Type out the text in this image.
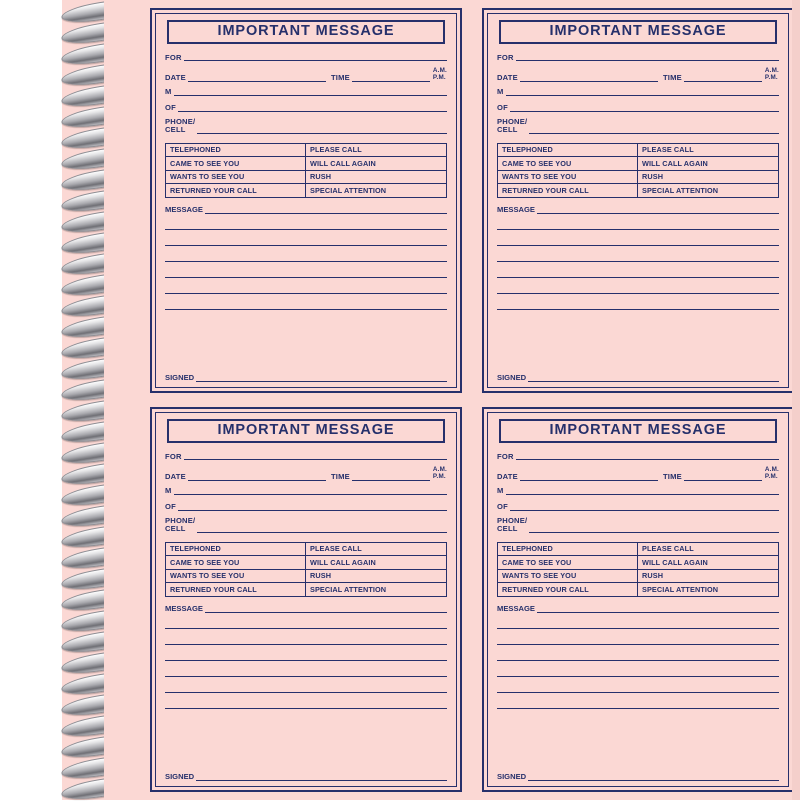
IMPORTANT MESSAGE
FOR
DATE	TIME
A.M.
P.M.
M
OF
PHONE/
CELL
TELEPHONED	PLEASE CALL
CAME TO SEE YOU	WILL CALL AGAIN
WANTS TO SEE YOU	RUSH
RETURNED YOUR CALL	SPECIAL ATTENTION
MESSAGE
SIGNED
IMPORTANT MESSAGE
FOR
DATE	TIME
A.M.
P.M.
M
OF
PHONE/
CELL
TELEPHONED	PLEASE CALL
CAME TO SEE YOU	WILL CALL AGAIN
WANTS TO SEE YOU	RUSH
RETURNED YOUR CALL	SPECIAL ATTENTION
MESSAGE
SIGNED
IMPORTANT MESSAGE
FOR
DATE	TIME
A.M.
P.M.
M
OF
PHONE/
CELL
TELEPHONED	PLEASE CALL
CAME TO SEE YOU	WILL CALL AGAIN
WANTS TO SEE YOU	RUSH
RETURNED YOUR CALL	SPECIAL ATTENTION
MESSAGE
SIGNED
IMPORTANT MESSAGE
FOR
DATE	TIME
A.M.
P.M.
M
OF
PHONE/
CELL
TELEPHONED	PLEASE CALL
CAME TO SEE YOU	WILL CALL AGAIN
WANTS TO SEE YOU	RUSH
RETURNED YOUR CALL	SPECIAL ATTENTION
MESSAGE
SIGNED
